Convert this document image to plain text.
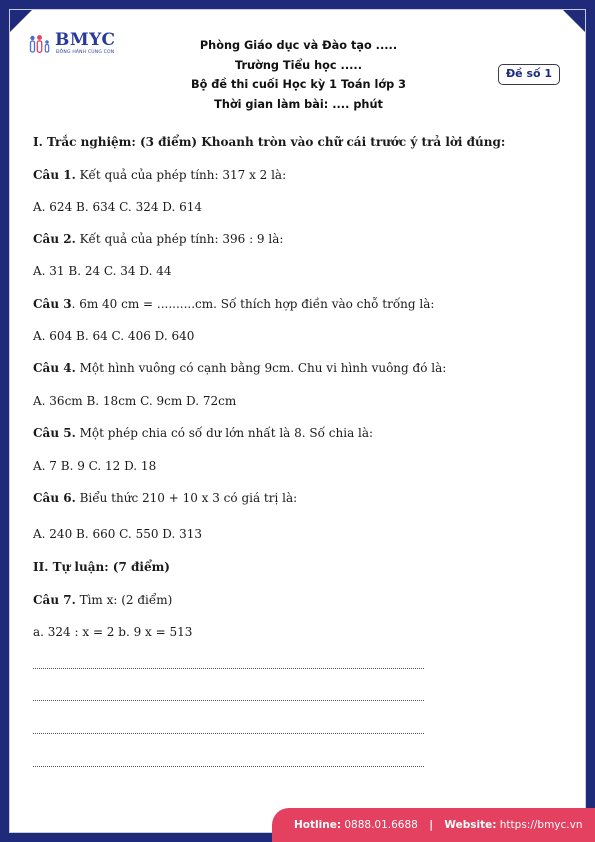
BMYC
ĐỒNG HÀNH CÙNG CON
Phòng Giáo dục và Đào tạo .....
Trường Tiểu học .....
Bộ đề thi cuối Học kỳ 1 Toán lớp 3
Thời gian làm bài: .... phút
Đề số 1
I. Trắc nghiệm: (3 điểm) Khoanh tròn vào chữ cái trước ý trả lời đúng:
Câu 1. Kết quả của phép tính: 317 x 2 là:
A. 624 B. 634 C. 324 D. 614
Câu 2. Kết quả của phép tính: 396 : 9 là:
A. 31 B. 24 C. 34 D. 44
Câu 3. 6m 40 cm = ..........cm. Số thích hợp điền vào chỗ trống là:
A. 604 B. 64 C. 406 D. 640
Câu 4. Một hình vuông có cạnh bằng 9cm. Chu vi hình vuông đó là:
A. 36cm B. 18cm C. 9cm D. 72cm
Câu 5. Một phép chia có số dư lớn nhất là 8. Số chia là:
A. 7 B. 9 C. 12 D. 18
Câu 6. Biểu thức 210 + 10 x 3 có giá trị là:
A. 240 B. 660 C. 550 D. 313
II. Tự luận: (7 điểm)
Câu 7. Tìm x: (2 điểm)
a. 324 : x = 2 b. 9 x = 513
Hotline: 0888.01.6688 | Website: https://bmyc.vn
